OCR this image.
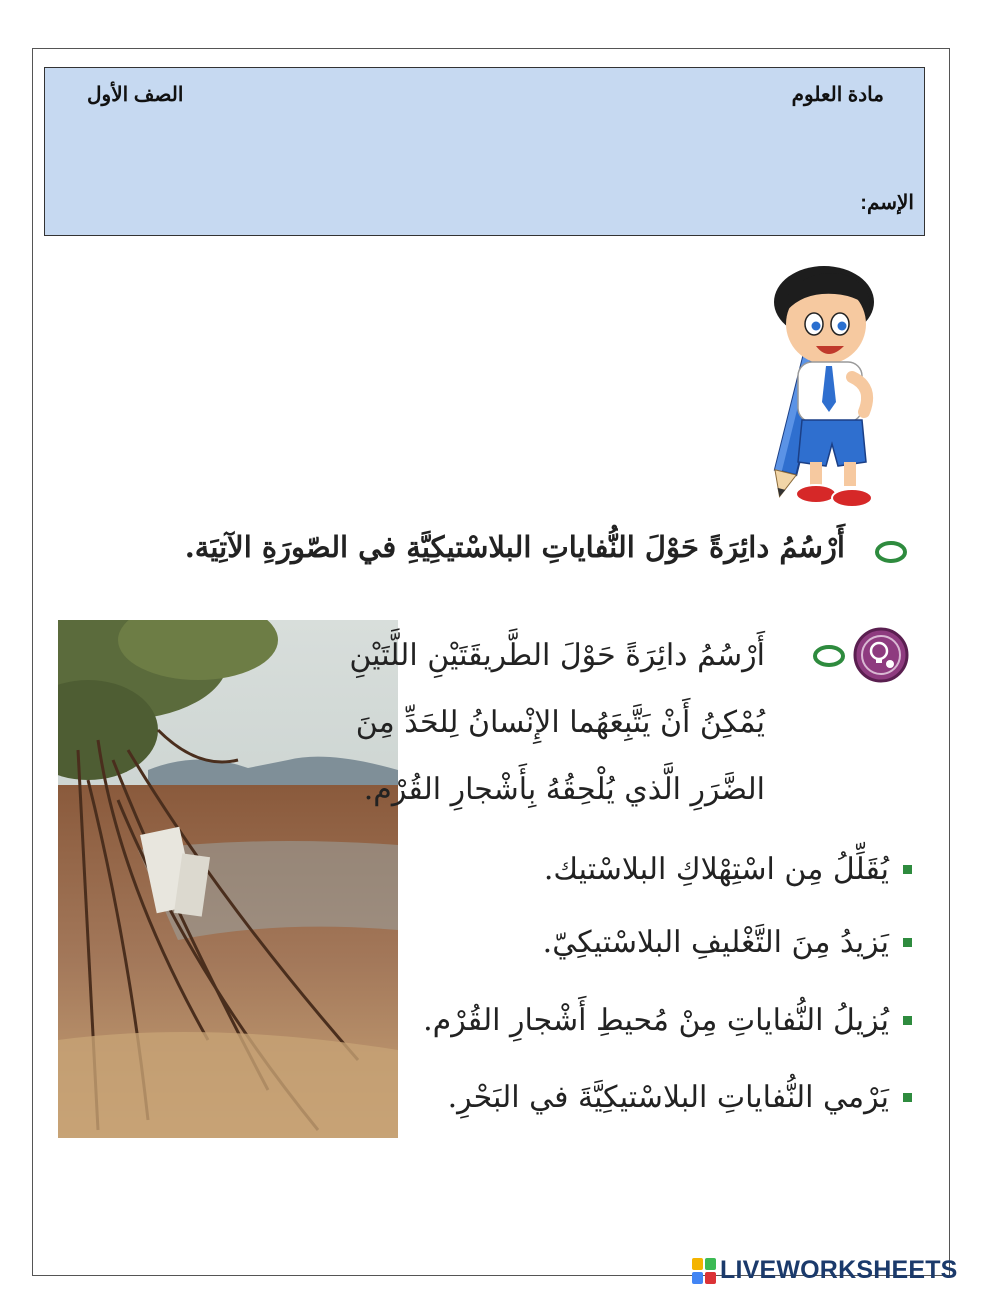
مادة العلوم
الصف الأول
الإسم:
أَرْسُمُ دائِرَةً حَوْلَ النُّفاياتِ البلاسْتيكِيَّةِ في الصّورَةِ الآتِيَة.
أَرْسُمُ دائِرَةً حَوْلَ الطَّريقَتَيْنِ اللَّتَيْنِ
يُمْكِنُ أَنْ يَتَّبِعَهُما الإِنْسانُ لِلحَدِّ مِنَ
الضَّرَرِ الَّذي يُلْحِقُهُ بِأَشْجارِ القُرْم.
يُقَلِّلُ مِن اسْتِهْلاكِ البلاسْتيك.
يَزيدُ مِنَ التَّغْليفِ البلاسْتيكِيّ.
يُزيلُ النُّفاياتِ مِنْ مُحيطِ أَشْجارِ القُرْم.
يَرْمي النُّفاياتِ البلاسْتيكِيَّةَ في البَحْرِ.
LIVEWORKSHEETS
